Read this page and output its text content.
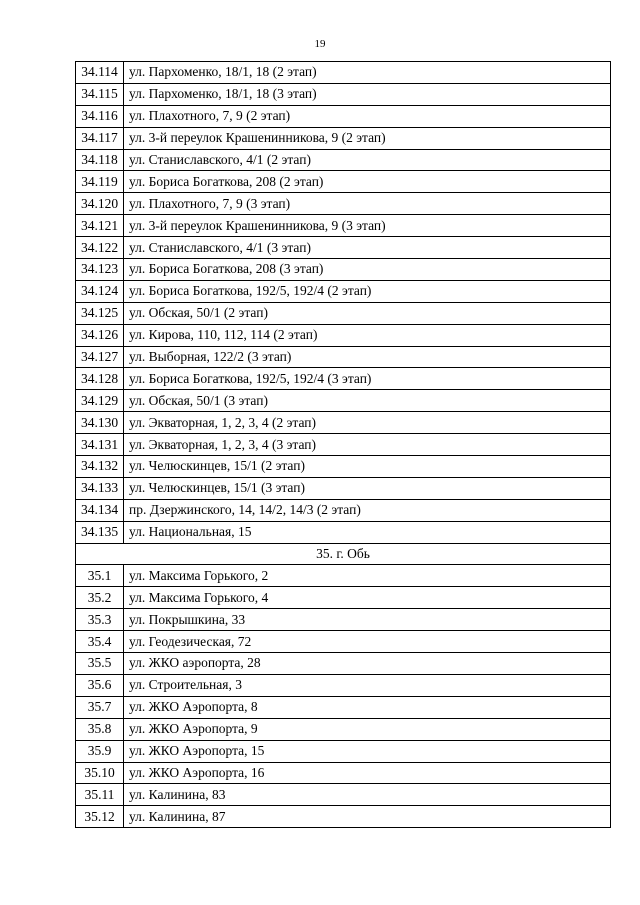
19
34.114	ул. Пархоменко, 18/1, 18 (2 этап)
34.115	ул. Пархоменко, 18/1, 18 (3 этап)
34.116	ул. Плахотного, 7, 9 (2 этап)
34.117	ул. 3-й переулок Крашенинникова, 9 (2 этап)
34.118	ул. Станиславского, 4/1 (2 этап)
34.119	ул. Бориса Богаткова, 208 (2 этап)
34.120	ул. Плахотного, 7, 9 (3 этап)
34.121	ул. 3-й переулок Крашенинникова, 9 (3 этап)
34.122	ул. Станиславского, 4/1 (3 этап)
34.123	ул. Бориса Богаткова, 208 (3 этап)
34.124	ул. Бориса Богаткова, 192/5, 192/4 (2 этап)
34.125	ул. Обская, 50/1 (2 этап)
34.126	ул. Кирова, 110, 112, 114 (2 этап)
34.127	ул. Выборная, 122/2 (3 этап)
34.128	ул. Бориса Богаткова, 192/5, 192/4 (3 этап)
34.129	ул. Обская, 50/1 (3 этап)
34.130	ул. Экваторная, 1, 2, 3, 4 (2 этап)
34.131	ул. Экваторная, 1, 2, 3, 4 (3 этап)
34.132	ул. Челюскинцев, 15/1 (2 этап)
34.133	ул. Челюскинцев, 15/1 (3 этап)
34.134	пр. Дзержинского, 14, 14/2, 14/3 (2 этап)
34.135	ул. Национальная, 15
35. г. Обь	
35.1	ул. Максима Горького, 2
35.2	ул. Максима Горького, 4
35.3	ул. Покрышкина, 33
35.4	ул. Геодезическая, 72
35.5	ул. ЖКО аэропорта, 28
35.6	ул. Строительная, 3
35.7	ул. ЖКО Аэропорта, 8
35.8	ул. ЖКО Аэропорта, 9
35.9	ул. ЖКО Аэропорта, 15
35.10	ул. ЖКО Аэропорта, 16
35.11	ул. Калинина, 83
35.12	ул. Калинина, 87
